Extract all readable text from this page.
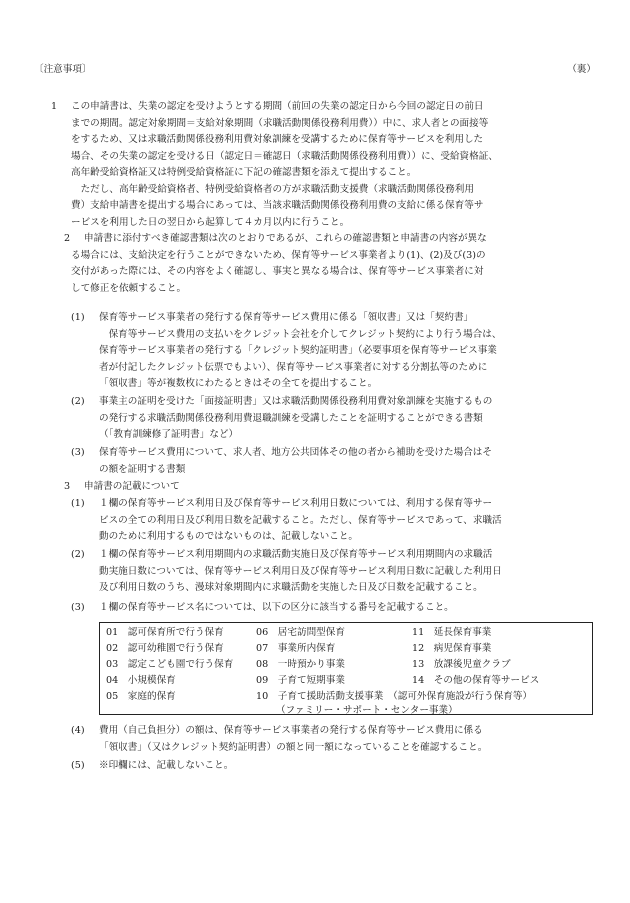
〔注意事項〕	（裏）
1 この申請書は、失業の認定を受けようとする期間（前回の失業の認定日から今回の認定日の前日
までの期間。認定対象期間＝支給対象期間（求職活動関係役務利用費））中に、求人者との面接等
をするため、又は求職活動関係役務利用費対象訓練を受講するために保育等サービスを利用した
場合、その失業の認定を受ける日（認定日＝確認日（求職活動関係役務利用費））に、受給資格証、
高年齢受給資格証又は特例受給資格証に下記の確認書類を添えて提出すること。
　ただし、高年齢受給資格者、特例受給資格者の方が求職活動支援費（求職活動関係役務利用
費）支給申請書を提出する場合にあっては、当該求職活動関係役務利用費の支給に係る保育等サ
ービスを利用した日の翌日から起算して４カ月以内に行うこと。
2 申請書に添付すべき確認書類は次のとおりであるが、これらの確認書類と申請書の内容が異な
る場合には、支給決定を行うことができないため、保育等サービス事業者より(1)、(2)及び(3)の
交付があった際には、その内容をよく確認し、事実と異なる場合は、保育等サービス事業者に対
して修正を依頼すること。
(1) 保育等サービス事業者の発行する保育等サービス費用に係る「領収書」又は「契約書」
　保育等サービス費用の支払いをクレジット会社を介してクレジット契約により行う場合は、
保育等サービス事業者の発行する「クレジット契約証明書」（必要事項を保育等サービス事業
者が付記したクレジット伝票でもよい）、保育等サービス事業者に対する分割払等のために
「領収書」等が複数枚にわたるときはその全てを提出すること。
(2) 事業主の証明を受けた「面接証明書」又は求職活動関係役務利用費対象訓練を実施するもの
の発行する求職活動関係役務利用費退職訓練を受講したことを証明することができる書類
（「教育訓練修了証明書」など）
(3) 保育等サービス費用について、求人者、地方公共団体その他の者から補助を受けた場合はそ
の額を証明する書類
3 申請書の記載について
(1) １欄の保育等サービス利用日及び保育等サービス利用日数については、利用する保育等サー
ビスの全ての利用日及び利用日数を記載すること。ただし、保育等サービスであって、求職活
動のために利用するものではないものは、記載しないこと。
(2) １欄の保育等サービス利用期間内の求職活動実施日及び保育等サービス利用期間内の求職活
動実施日数については、保育等サービス利用日及び保育等サービス利用日数に記載した利用日
及び利用日数のうち、漫球対象期間内に求職活動を実施した日及び日数を記載すること。
(3) １欄の保育等サービス名については、以下の区分に該当する番号を記載すること。
01　認可保育所で行う保育
02　認可幼稚園で行う保育
03　認定こども園で行う保育
04　小規模保育
05　家庭的保育
06　居宅訪問型保育
07　事業所内保育
08　一時預かり事業
09　子育て短期事業
10　子育て援助活動支援事業　（認可外保育施設が行う保育等）
11　延長保育事業
12　病児保育事業
13　放課後児童クラブ
14　その他の保育等サービス
（ファミリー・サポート・センター事業）
(4) 費用（自己負担分）の額は、保育等サービス事業者の発行する保育等サービス費用に係る
「領収書」（又はクレジット契約証明書）の額と同一額になっていることを確認すること。
(5) ※印欄には、記載しないこと。
